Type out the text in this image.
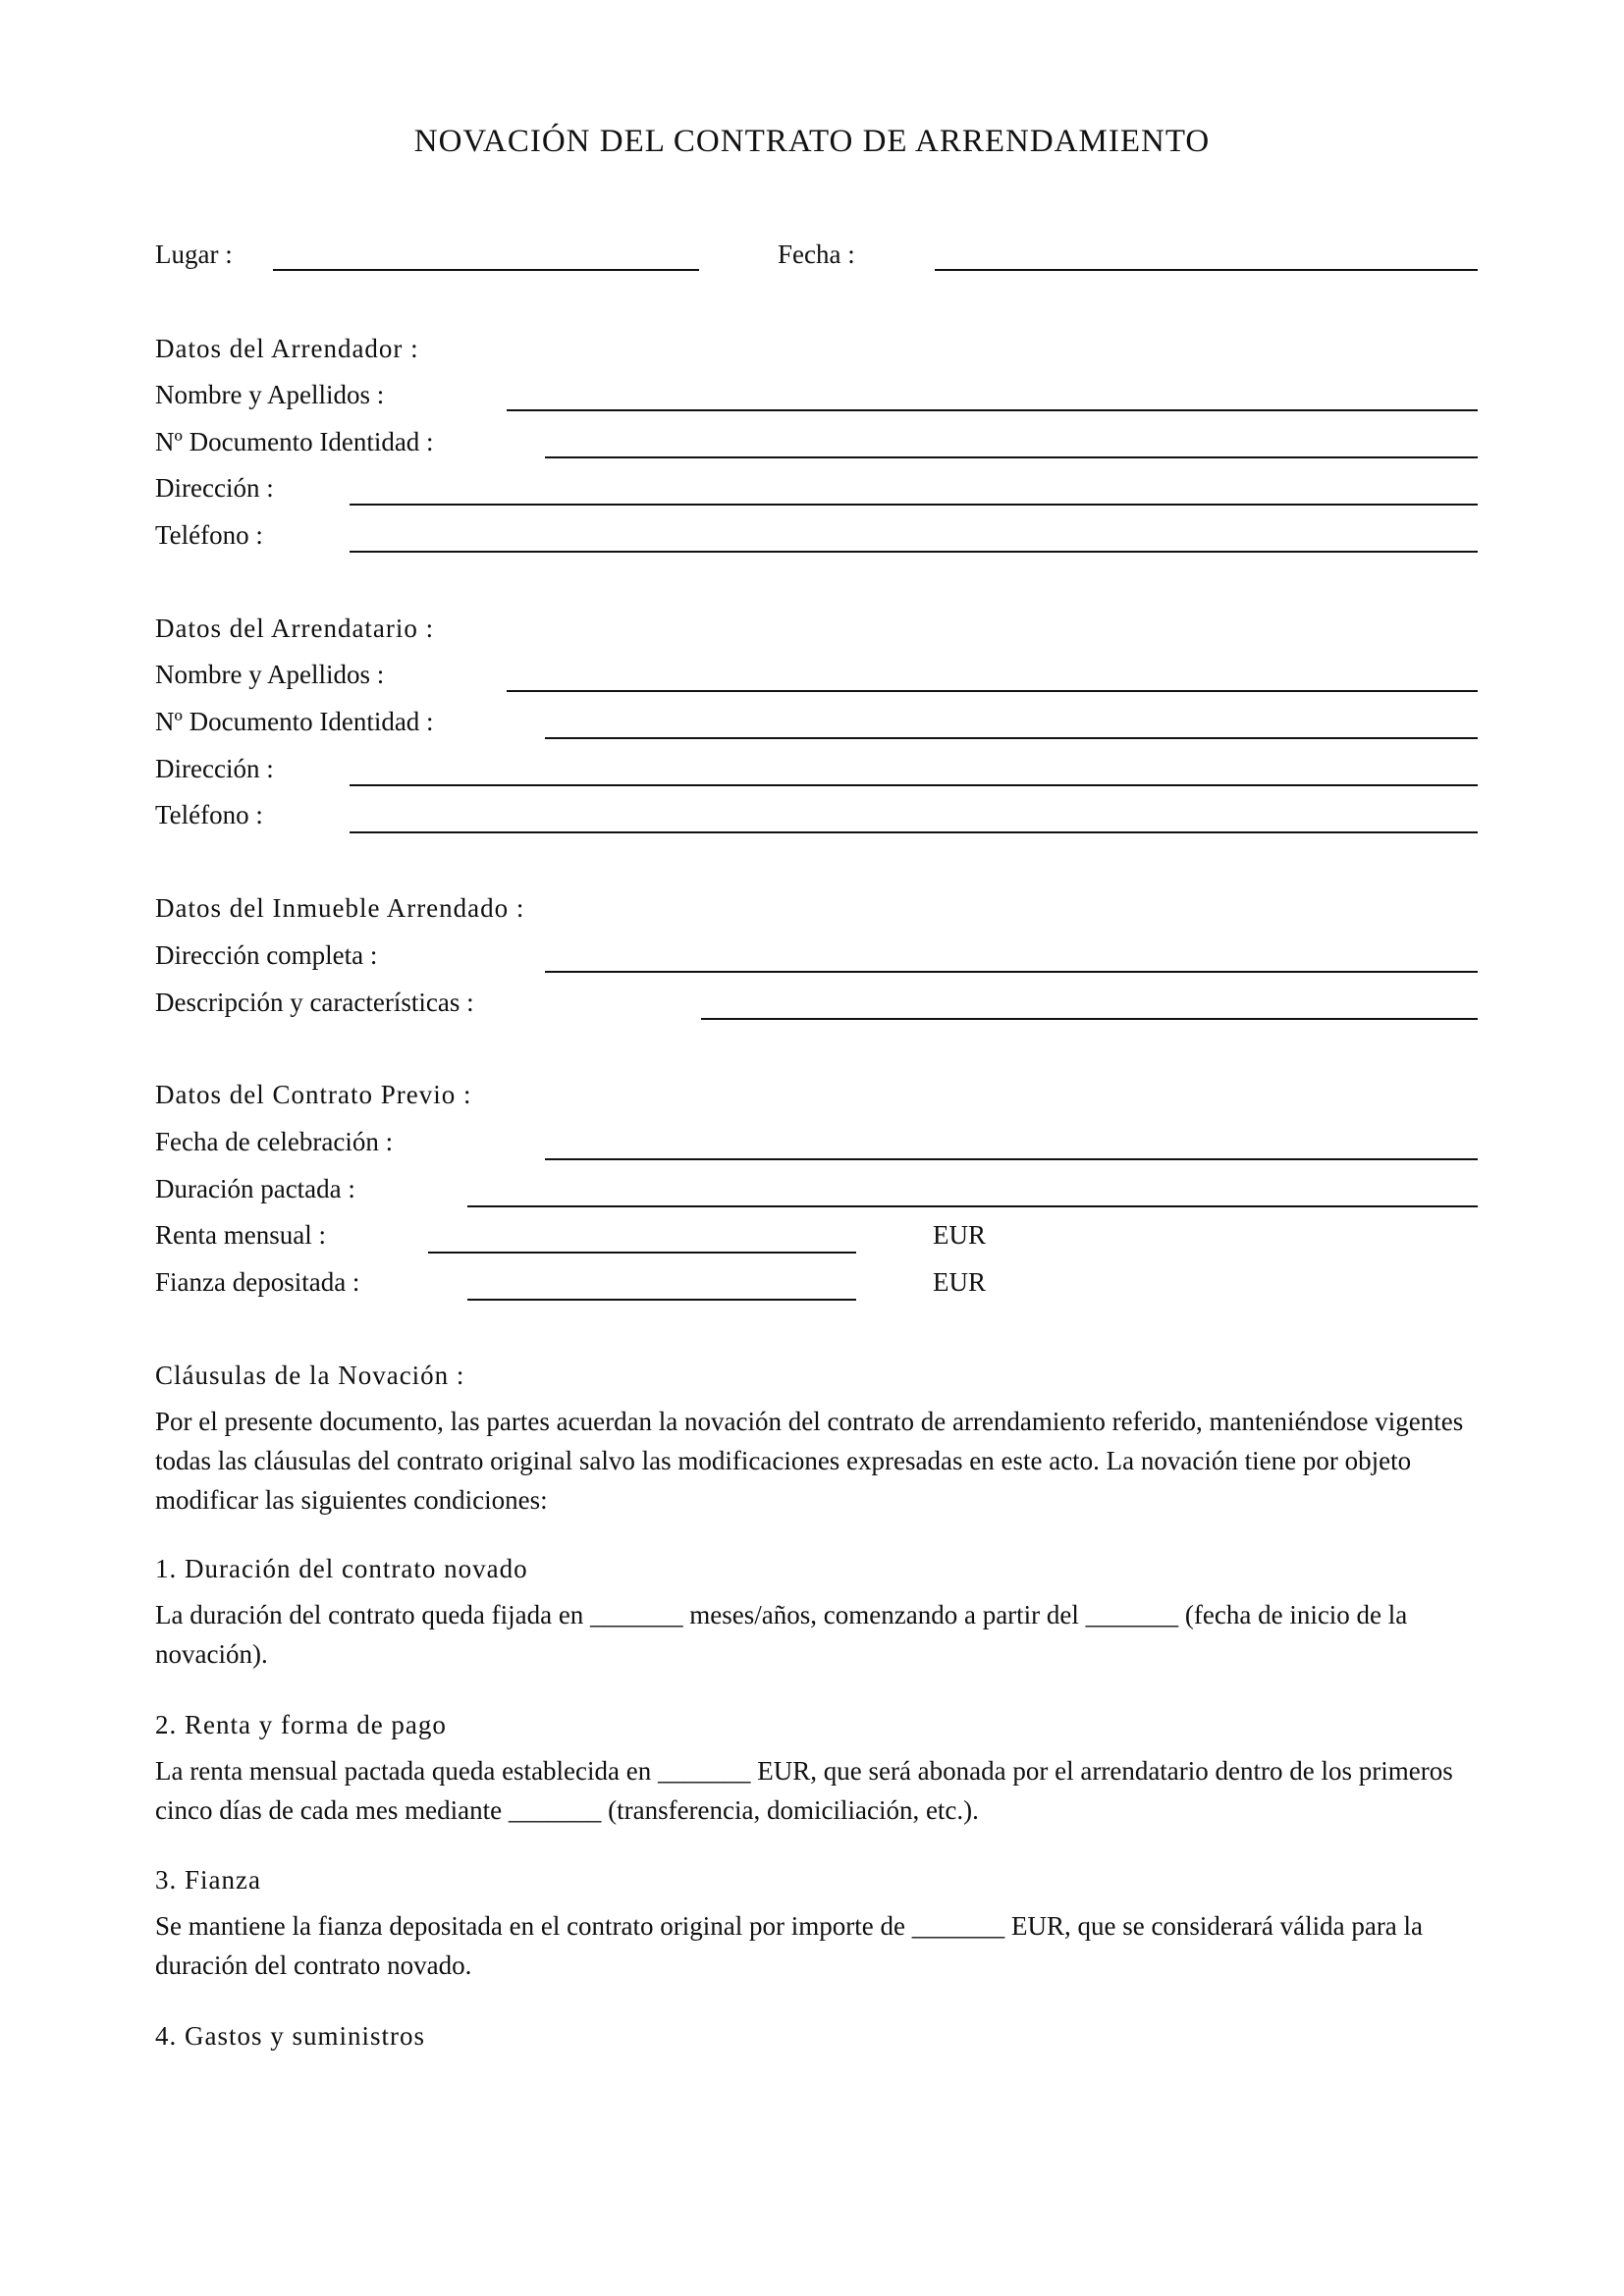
NOVACIÓN DEL CONTRATO DE ARRENDAMIENTO
Lugar :	Fecha :
Datos del Arrendador :
Nombre y Apellidos :
Nº Documento Identidad :
Dirección :
Teléfono :
Datos del Arrendatario :
Nombre y Apellidos :
Nº Documento Identidad :
Dirección :
Teléfono :
Datos del Inmueble Arrendado :
Dirección completa :
Descripción y características :
Datos del Contrato Previo :
Fecha de celebración :
Duración pactada :
Renta mensual :	EUR
Fianza depositada :	EUR
Cláusulas de la Novación :
Por el presente documento, las partes acuerdan la novación del contrato de arrendamiento referido, manteniéndose vigentes todas las cláusulas del contrato original salvo las modificaciones expresadas en este acto. La novación tiene por objeto modificar las siguientes condiciones:
1. Duración del contrato novado
La duración del contrato queda fijada en _______ meses/años, comenzando a partir del _______ (fecha de inicio de la novación).
2. Renta y forma de pago
La renta mensual pactada queda establecida en _______ EUR, que será abonada por el arrendatario dentro de los primeros cinco días de cada mes mediante _______ (transferencia, domiciliación, etc.).
3. Fianza
Se mantiene la fianza depositada en el contrato original por importe de _______ EUR, que se considerará válida para la duración del contrato novado.
4. Gastos y suministros
